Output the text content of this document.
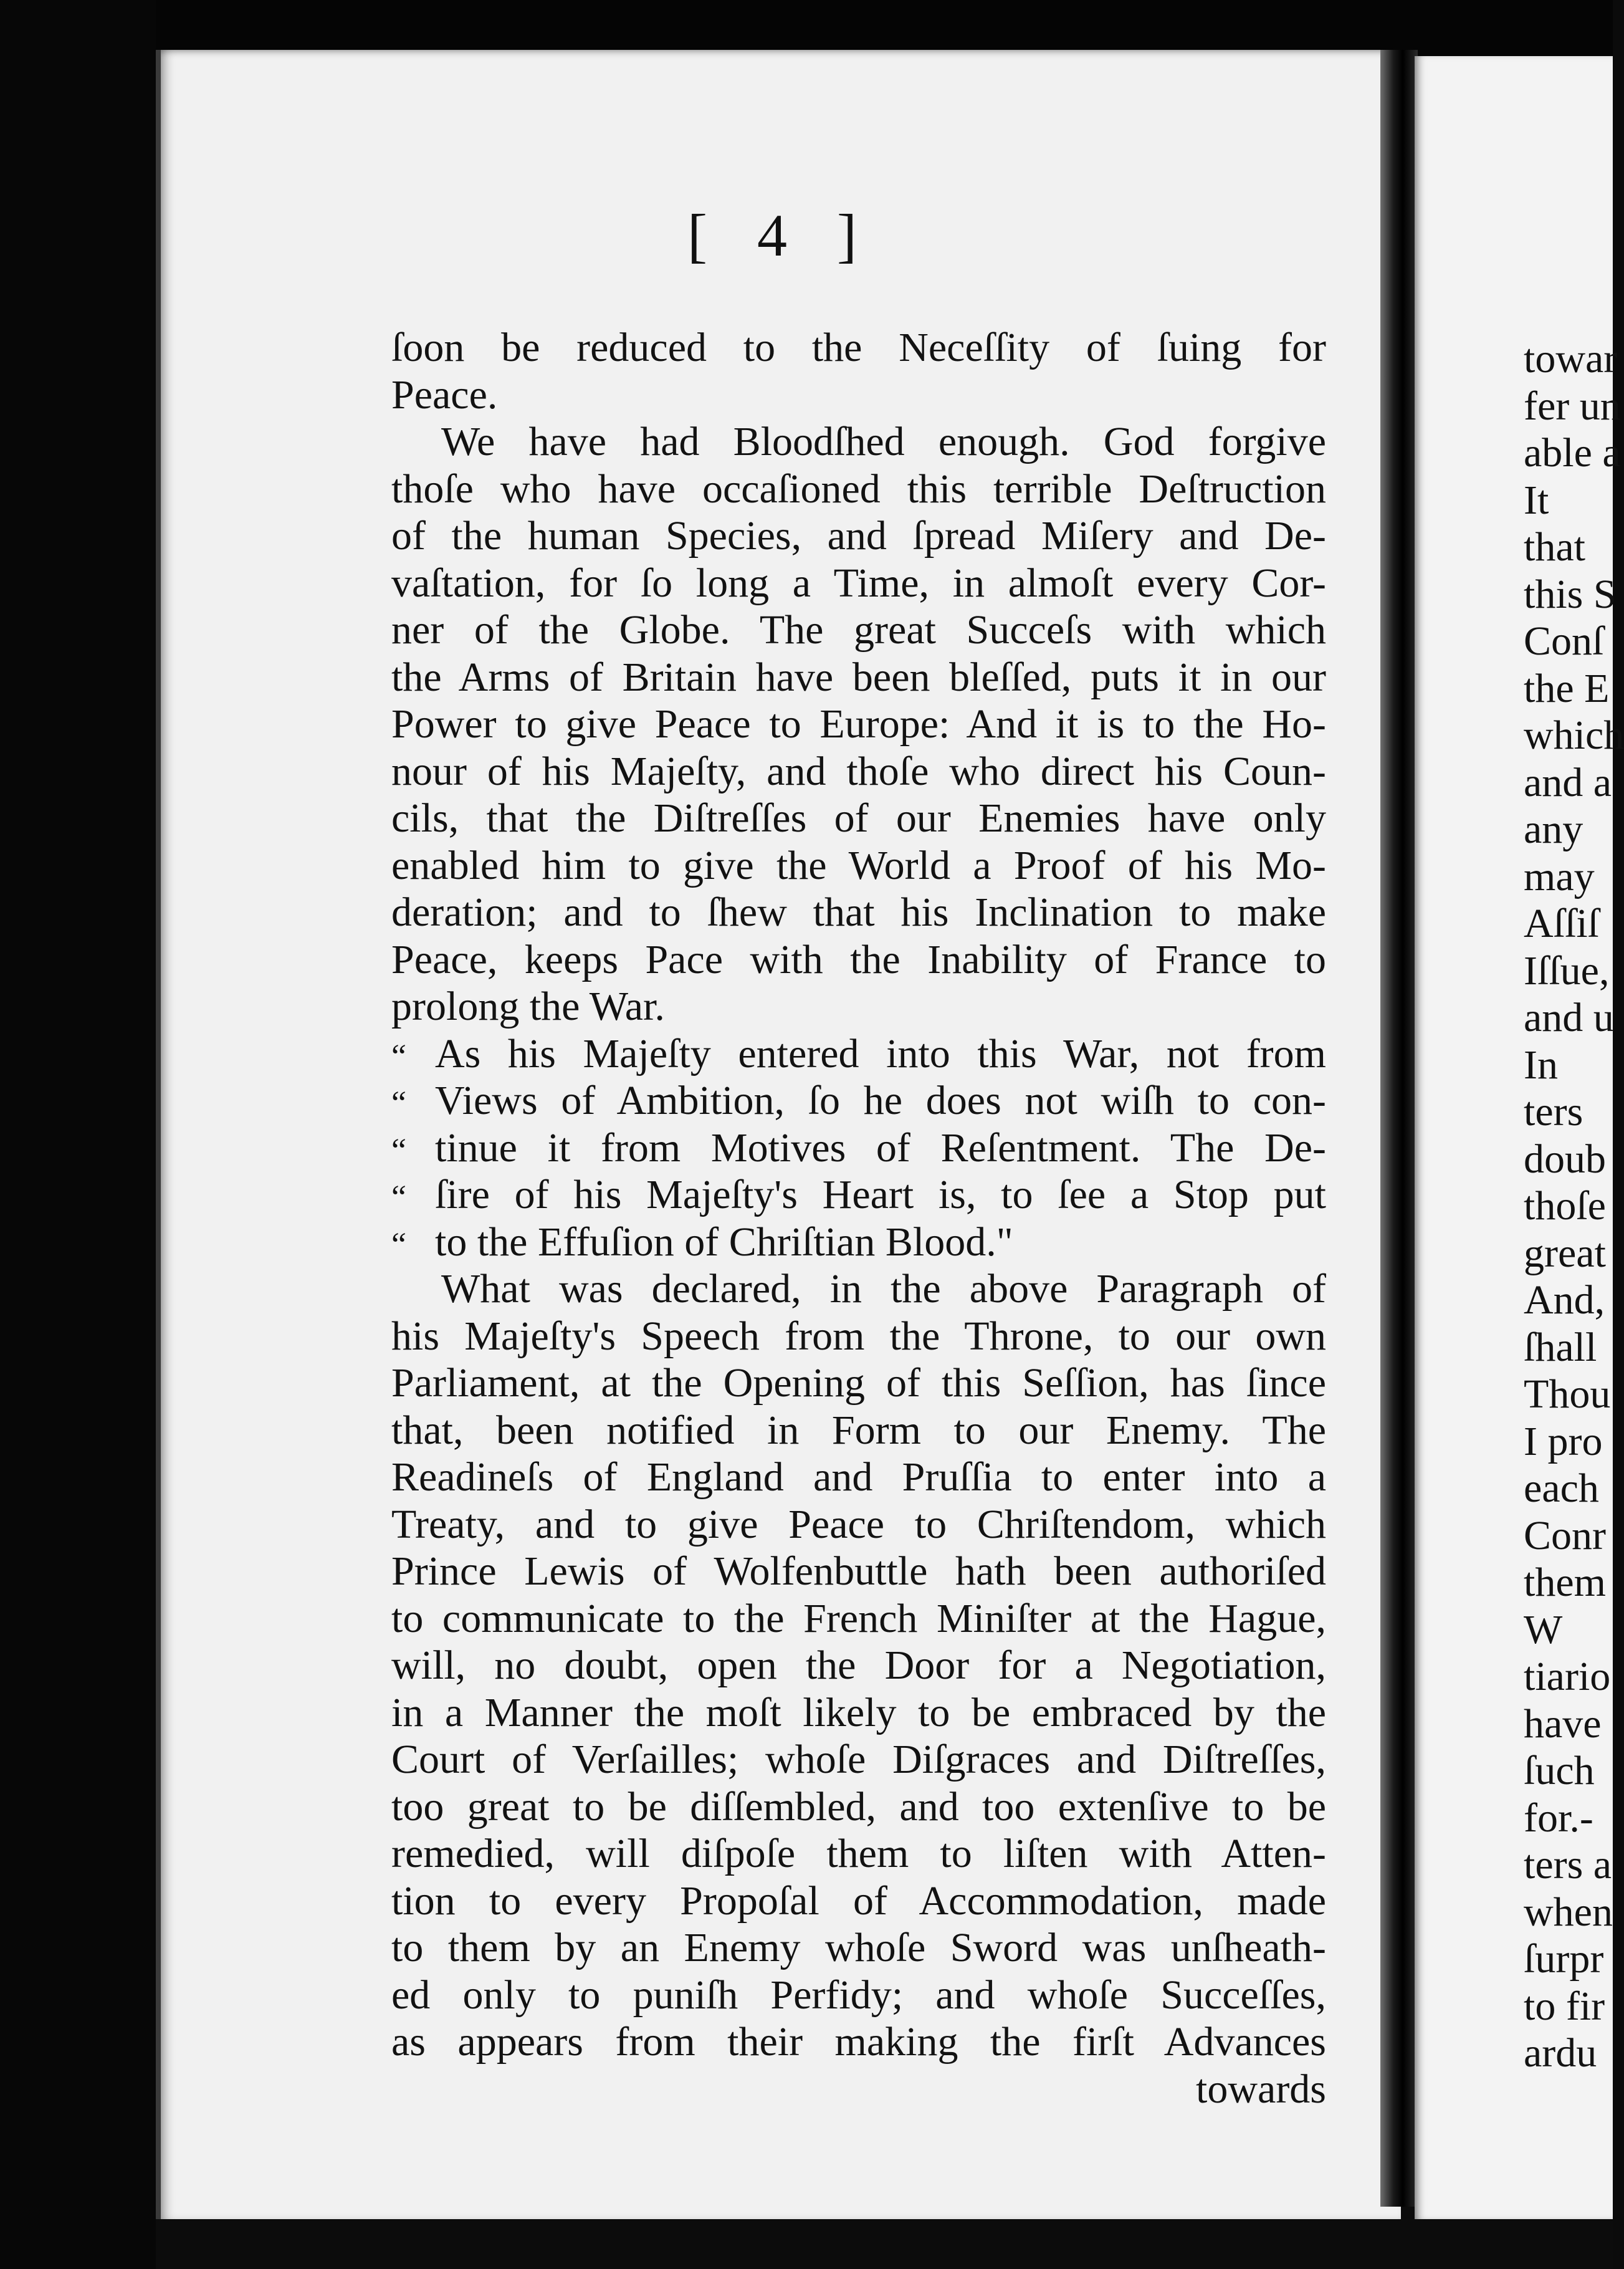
[ 4 ]
ſoon be reduced to the Neceſſity of ſuing for
Peace.
We have had Bloodſhed enough. God forgive
thoſe who have occaſioned this terrible Deſtruction
of the human Species, and ſpread Miſery and De-
vaſtation, for ſo long a Time, in almoſt every Cor-
ner of the Globe. The great Succeſs with which
the Arms of Britain have been bleſſed, puts it in our
Power to give Peace to Europe: And it is to the Ho-
nour of his Majeſty, and thoſe who direct his Coun-
cils, that the Diſtreſſes of our Enemies have only
enabled him to give the World a Proof of his Mo-
deration; and to ſhew that his Inclination to make
Peace, keeps Pace with the Inability of France to
prolong the War.
“ As his Majeſty entered into this War, not from
“ Views of Ambition, ſo he does not wiſh to con-
“ tinue it from Motives of Reſentment. The De-
“ ſire of his Majeſty's Heart is, to ſee a Stop put
“ to the Effuſion of Chriſtian Blood."
What was declared, in the above Paragraph of
his Majeſty's Speech from the Throne, to our own
Parliament, at the Opening of this Seſſion, has ſince
that, been notified in Form to our Enemy. The
Readineſs of England and Pruſſia to enter into a
Treaty, and to give Peace to Chriſtendom, which
Prince Lewis of Wolfenbuttle hath been authoriſed
to communicate to the French Miniſter at the Hague,
will, no doubt, open the Door for a Negotiation,
in a Manner the moſt likely to be embraced by the
Court of Verſailles; whoſe Diſgraces and Diſtreſſes,
too great to be diſſembled, and too extenſive to be
remedied, will diſpoſe them to liſten with Atten-
tion to every Propoſal of Accommodation, made
to them by an Enemy whoſe Sword was unſheath-
ed only to puniſh Perfidy; and whoſe Succeſſes,
as appears from their making the firſt Advances
towards
towar
fer un
able a
It
that
this S
Conſ
the E
which
and a
any
may
Aſſiſ
Iſſue,
and u
In
ters
doub
thoſe
great
And,
ſhall
Thou
I pro
each
Conr
them
W
tiario
have
ſuch
for.-
ters a
when
ſurpr
to fir
ardu
